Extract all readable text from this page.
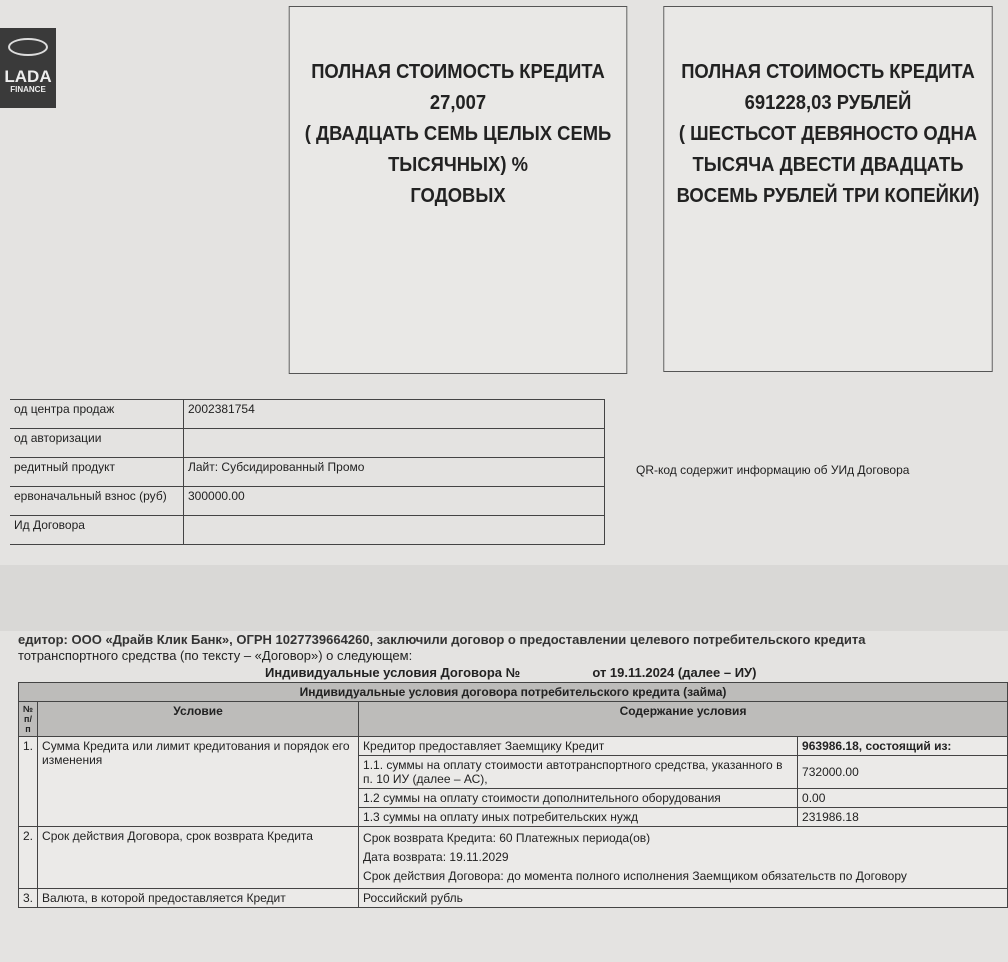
LADA
FINANCE
ПОЛНАЯ СТОИМОСТЬ КРЕДИТА
27,007
( ДВАДЦАТЬ СЕМЬ ЦЕЛЫХ СЕМЬ
ТЫСЯЧНЫХ) %
ГОДОВЫХ
ПОЛНАЯ СТОИМОСТЬ КРЕДИТА
691228,03 РУБЛЕЙ
( ШЕСТЬСОТ ДЕВЯНОСТО ОДНА
ТЫСЯЧА ДВЕСТИ ДВАДЦАТЬ
ВОСЕМЬ РУБЛЕЙ ТРИ КОПЕЙКИ)
од центра продаж	2002381754
од авторизации	
редитный продукт	Лайт: Субсидированный Промо
ервоначальный взнос (руб)	300000.00
Ид Договора	
QR-код содержит информацию об УИд Договора
едитор: ООО «Драйв Клик Банк», ОГРН 1027739664260, заключили договор о предоставлении целевого потребительского кредита
тотранспортного средства (по тексту – «Договор») о следующем:
Индивидуальные условия Договора №                    от 19.11.2024 (далее – ИУ)
Индивидуальные условия договора потребительского кредита (займа)			
№ п/п	Условие	Содержание условия	
1.	Сумма Кредита или лимит кредитования и порядок его изменения	Кредитор предоставляет Заемщику Кредит	963986.18, состоящий из:
		1.1. суммы на оплату стоимости автотранспортного средства, указанного в п. 10 ИУ (далее – АС),	732000.00
		1.2 суммы на оплату стоимости дополнительного оборудования	0.00
		1.3 суммы на оплату иных потребительских нужд	231986.18
2.	Срок действия Договора, срок возврата Кредита	Срок возврата Кредита: 60 Платежных периода(ов)
Дата возврата: 19.11.2029
Срок действия Договора: до момента полного исполнения Заемщиком обязательств по Договору	

3.	Валюта, в которой предоставляется Кредит	Российский рубль	
